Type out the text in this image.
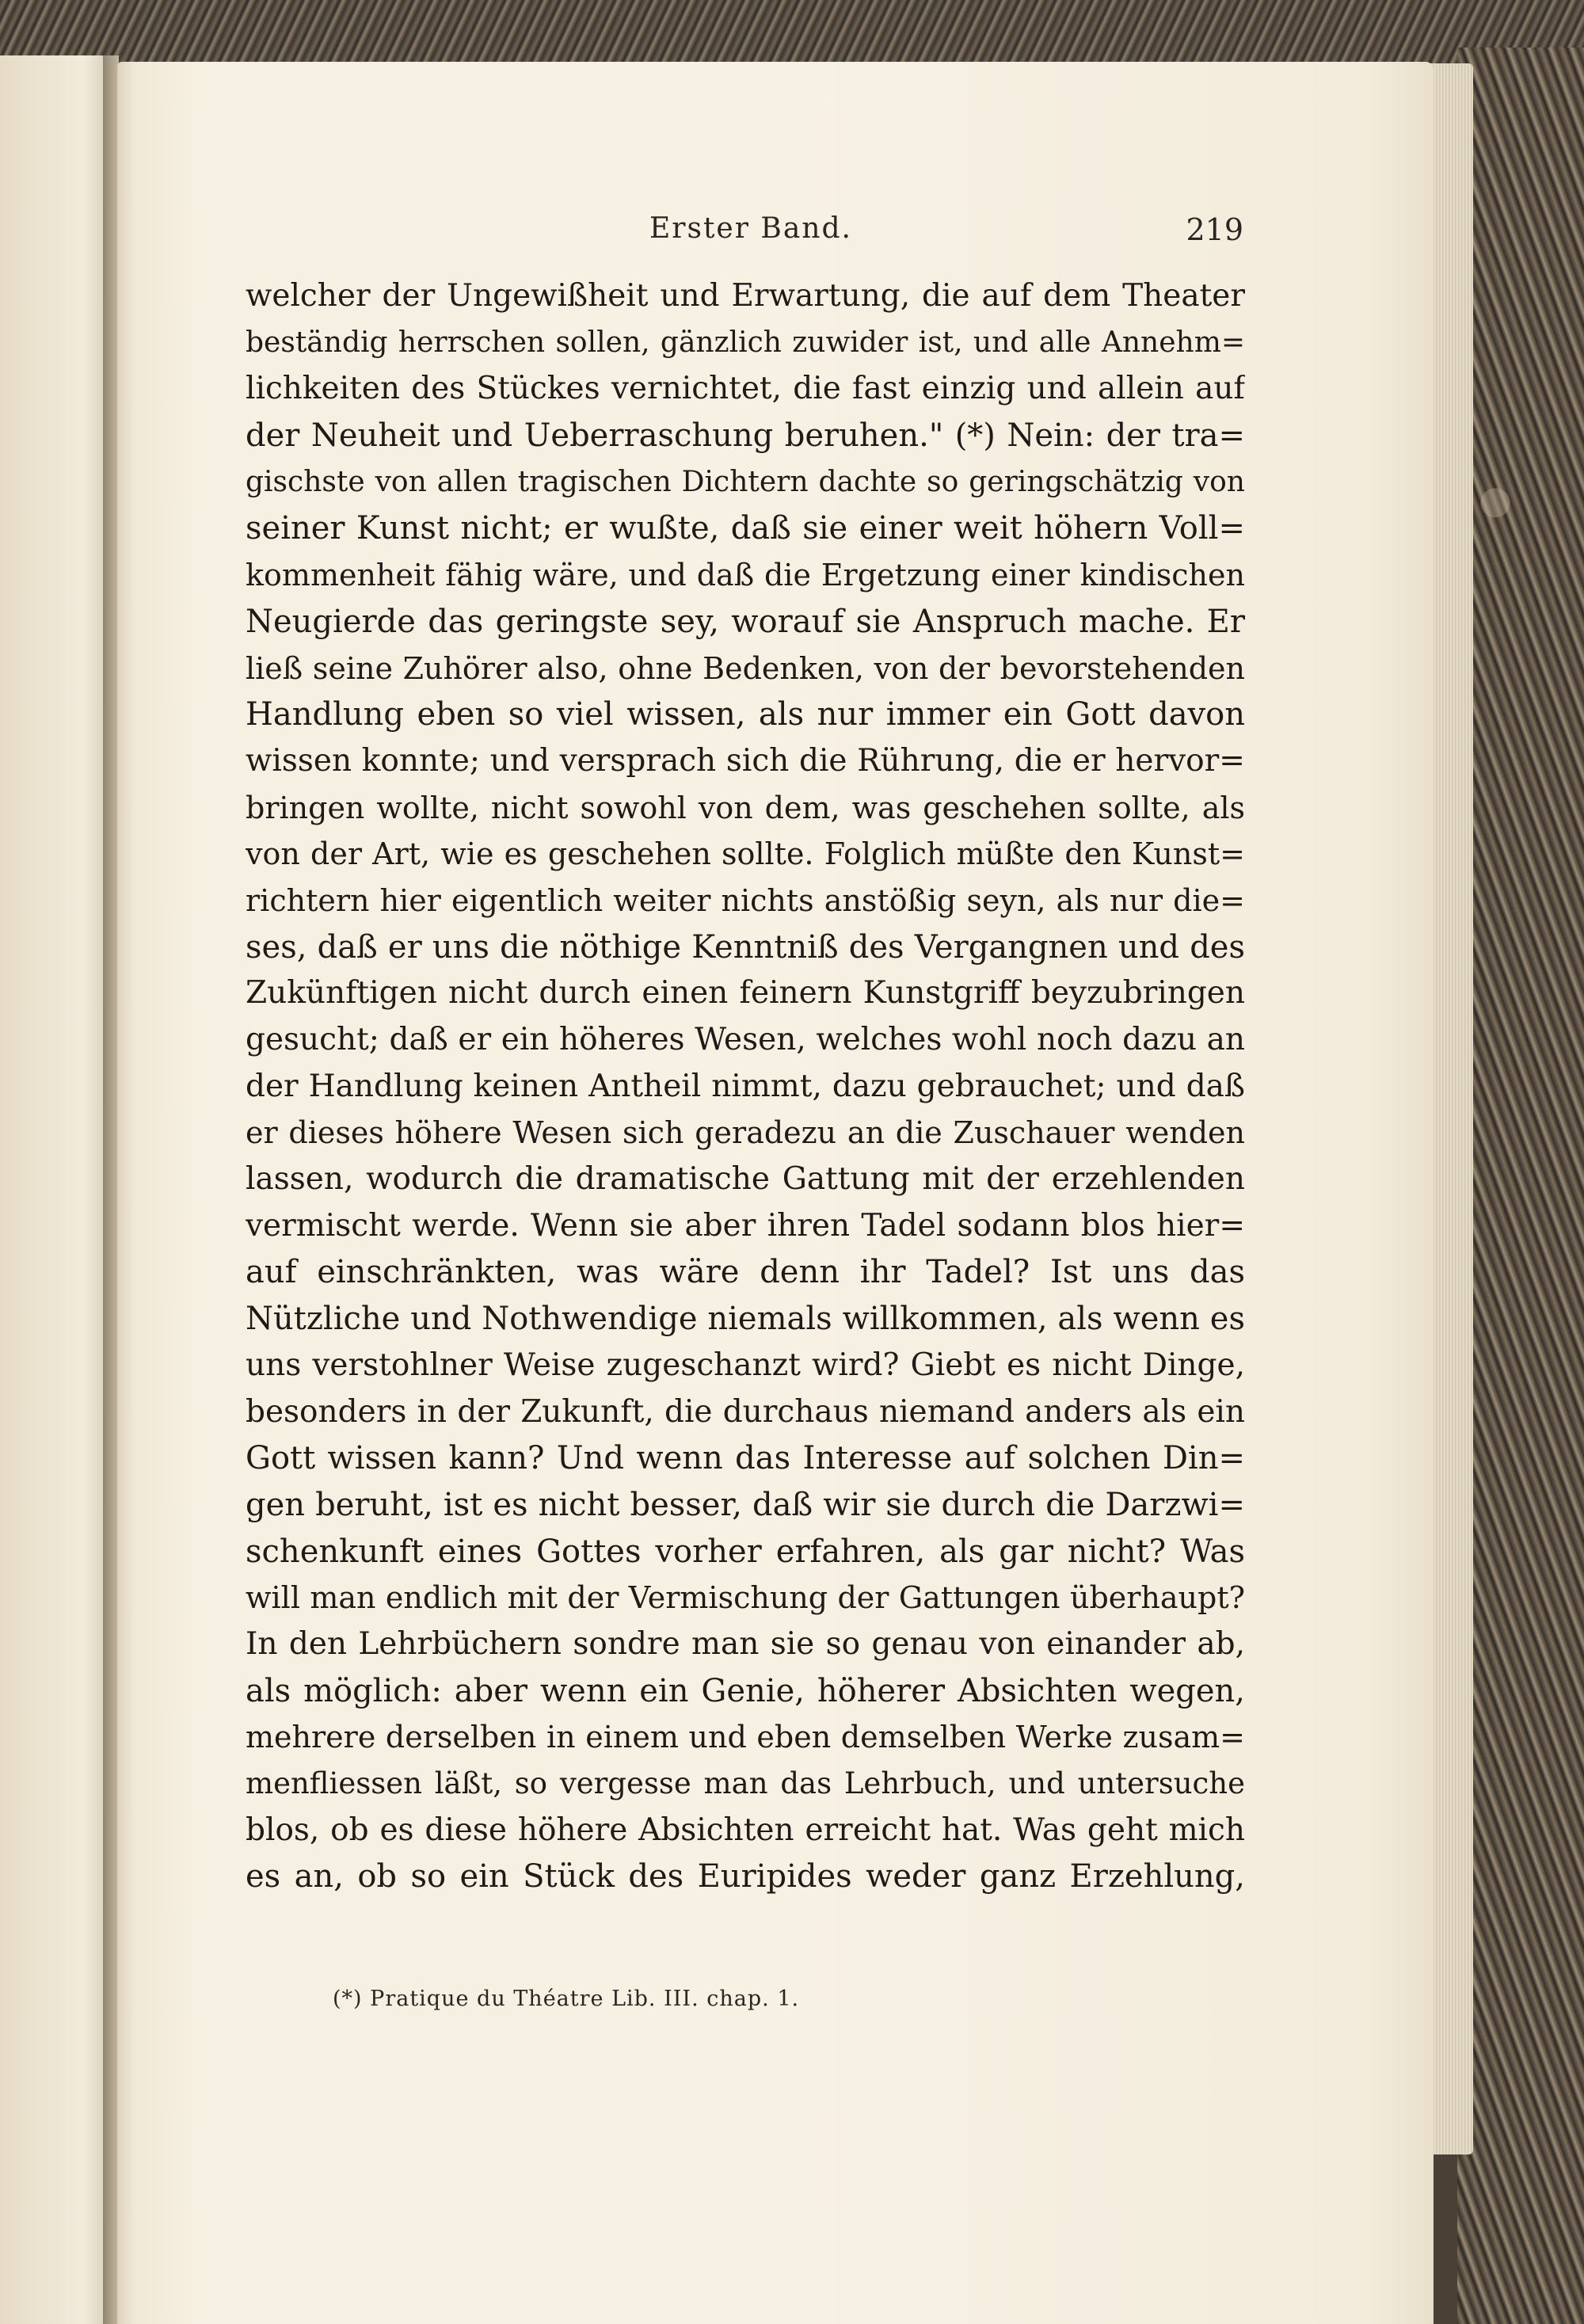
Erster Band.	219
welcher der Ungewißheit und Erwartung, die auf dem Theater
beständig herrschen sollen, gänzlich zuwider ist, und alle Annehm=
lichkeiten des Stückes vernichtet, die fast einzig und allein auf
der Neuheit und Ueberraschung beruhen." (*) Nein: der tra=
gischste von allen tragischen Dichtern dachte so geringschätzig von
seiner Kunst nicht; er wußte, daß sie einer weit höhern Voll=
kommenheit fähig wäre, und daß die Ergetzung einer kindischen
Neugierde das geringste sey, worauf sie Anspruch mache. Er
ließ seine Zuhörer also, ohne Bedenken, von der bevorstehenden
Handlung eben so viel wissen, als nur immer ein Gott davon
wissen konnte; und versprach sich die Rührung, die er hervor=
bringen wollte, nicht sowohl von dem, was geschehen sollte, als
von der Art, wie es geschehen sollte. Folglich müßte den Kunst=
richtern hier eigentlich weiter nichts anstößig seyn, als nur die=
ses, daß er uns die nöthige Kenntniß des Vergangnen und des
Zukünftigen nicht durch einen feinern Kunstgriff beyzubringen
gesucht; daß er ein höheres Wesen, welches wohl noch dazu an
der Handlung keinen Antheil nimmt, dazu gebrauchet; und daß
er dieses höhere Wesen sich geradezu an die Zuschauer wenden
lassen, wodurch die dramatische Gattung mit der erzehlenden
vermischt werde. Wenn sie aber ihren Tadel sodann blos hier=
auf einschränkten, was wäre denn ihr Tadel? Ist uns das
Nützliche und Nothwendige niemals willkommen, als wenn es
uns verstohlner Weise zugeschanzt wird? Giebt es nicht Dinge,
besonders in der Zukunft, die durchaus niemand anders als ein
Gott wissen kann? Und wenn das Interesse auf solchen Din=
gen beruht, ist es nicht besser, daß wir sie durch die Darzwi=
schenkunft eines Gottes vorher erfahren, als gar nicht? Was
will man endlich mit der Vermischung der Gattungen überhaupt?
In den Lehrbüchern sondre man sie so genau von einander ab,
als möglich: aber wenn ein Genie, höherer Absichten wegen,
mehrere derselben in einem und eben demselben Werke zusam=
menfliessen läßt, so vergesse man das Lehrbuch, und untersuche
blos, ob es diese höhere Absichten erreicht hat. Was geht mich
es an, ob so ein Stück des Euripides weder ganz Erzehlung,
(*) Pratique du Théatre Lib. III. chap. 1.
